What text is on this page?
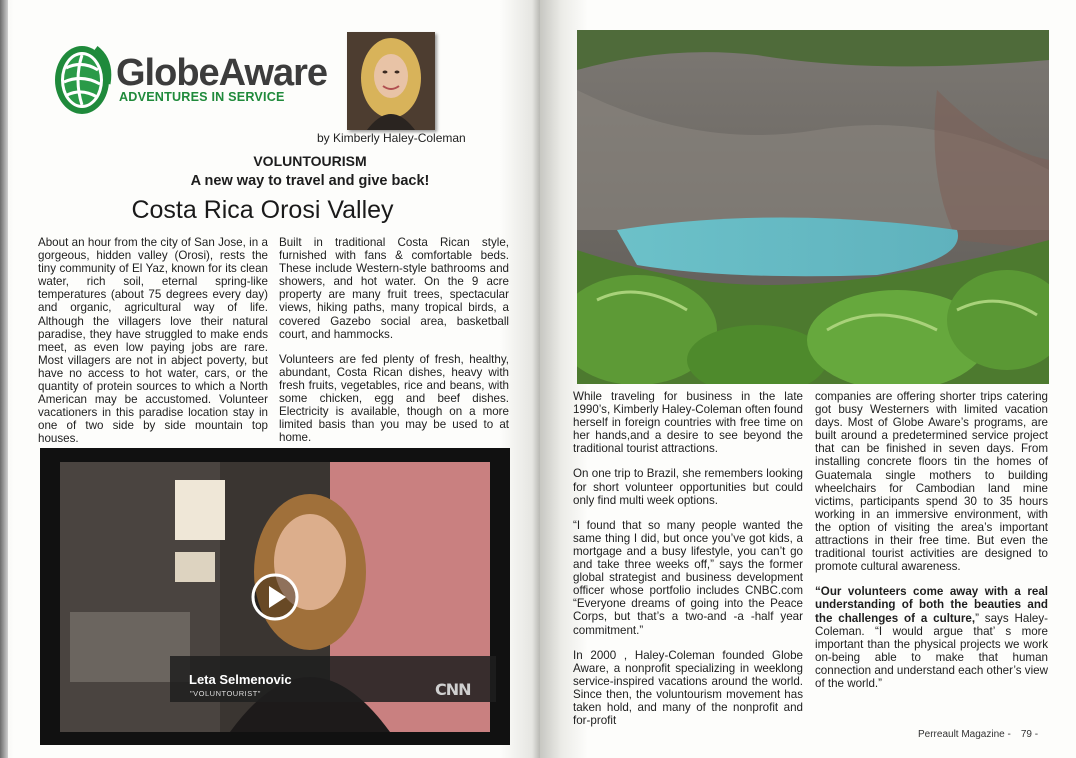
GlobeAware
ADVENTURES IN SERVICE
by Kimberly Haley-Coleman
VOLUNTOURISM
A new way to travel and give back!
Costa Rica Orosi Valley

About an hour from the city of San Jose, in a gorgeous, hidden valley (Orosi), rests the tiny community of El Yaz, known for its clean water, rich soil, eternal spring-like temperatures (about 75 degrees every day) and organic, agricultural way of life. Although the villagers love their natural paradise, they have struggled to make ends meet, as even low paying jobs are rare. Most villagers are not in abject poverty, but have no access to hot water, cars, or the quantity of protein sources to which a North American may be accustomed. Volunteer vacationers in this paradise location stay in one of two side by side mountain top houses.

Built in traditional Costa Rican style, furnished with fans & comfortable beds. These include Western-style bathrooms and showers, and hot water. On the 9 acre property are many fruit trees, spectacular views, hiking paths, many tropical birds, a covered Gazebo social area, basketball court, and hammocks.

Volunteers are fed plenty of fresh, healthy, abundant, Costa Rican dishes, heavy with fresh fruits, vegetables, rice and beans, with some chicken, egg and beef dishes. Electricity is available, though on a more limited basis than you may be used to at home.

Leta Selmenovic
"VOLUNTOURIST"	CNN

While traveling for business in the late 1990’s, Kimberly Haley-Coleman often found herself in foreign countries with free time on her hands,and a desire to see beyond the traditional tourist attractions.

On one trip to Brazil, she remembers looking for short volunteer opportunities but could only find multi week options.

“I found that so many people wanted the same thing I did, but once you’ve got kids, a mortgage and a busy lifestyle, you can’t go and take three weeks off,” says the former global strategist and business development officer whose portfolio includes CNBC.com “Everyone dreams of going into the Peace Corps, but that’s a two-and -a -half year commitment.”

In 2000 , Haley-Coleman founded Globe Aware, a nonprofit specializing in weeklong service-inspired vacations around the world. Since then, the voluntourism movement has taken hold, and many of the nonprofit and for-profit

companies are offering shorter trips catering got busy Westerners with limited vacation days. Most of Globe Aware’s programs, are built around a predetermined service project that can be finished in seven days. From installing concrete floors tin the homes of Guatemala single mothers to building wheelchairs for Cambodian land mine victims, participants spend 30 to 35 hours working in an immersive environment, with the option of visiting the area’s important attractions in their free time. But even the traditional tourist activities are designed to promote cultural awareness.

“Our volunteers come away with a real understanding of both the beauties and the challenges of a culture,” says Haley-Coleman. “I would argue that’ s more important than the physical projects we work on-being able to make that human connection and understand each other’s view of the world.”

Perreault Magazine - 79 -
